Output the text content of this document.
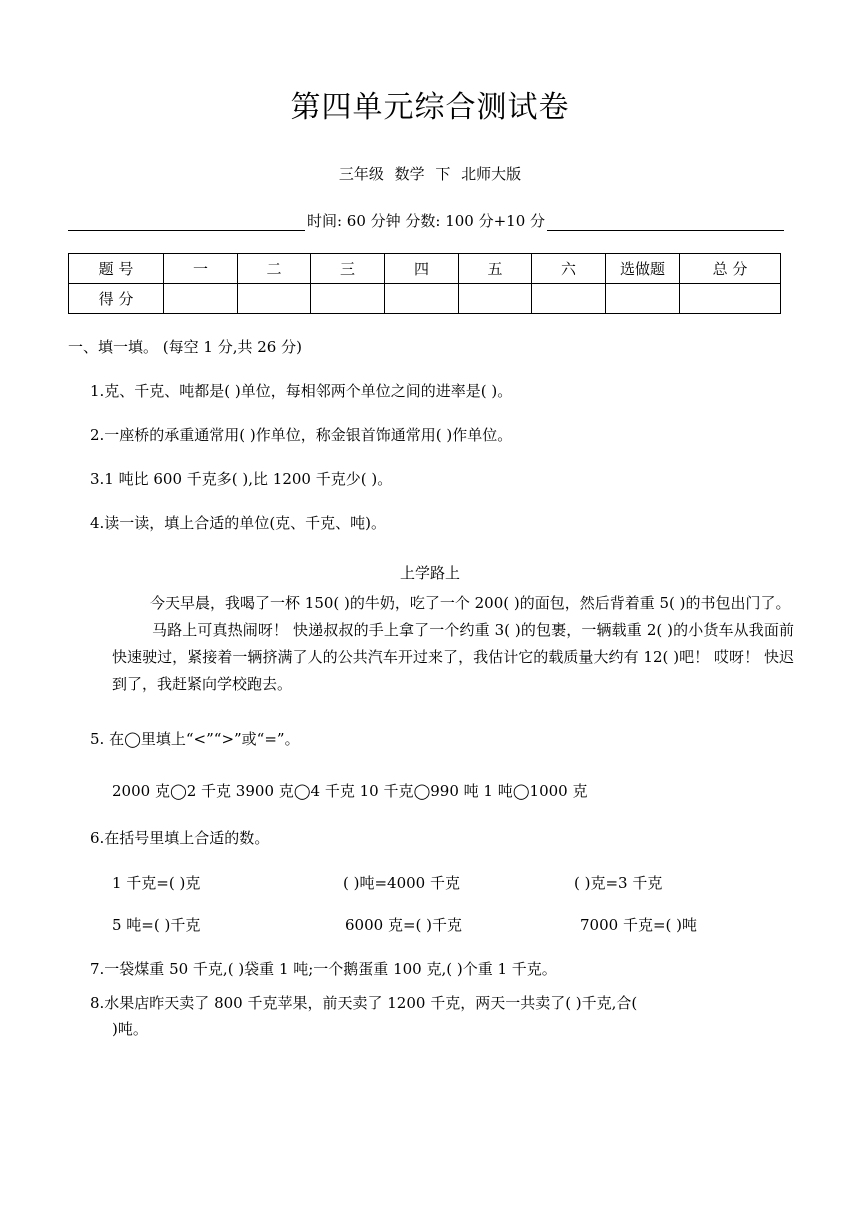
第四单元综合测试卷
三年级 数学 下 北师大版
时间: 60 分钟 分数: 100 分+10 分
题 号	一	二	三	四	五	六	选做题	总 分
得 分								
一、填一填。 (每空 1 分,共 26 分)
1.克、千克、吨都是( )单位，每相邻两个单位之间的进率是( )。
2.一座桥的承重通常用( )作单位，称金银首饰通常用( )作单位。
3.1 吨比 600 千克多( ),比 1200 千克少( )。
4.读一读，填上合适的单位(克、千克、吨)。
上学路上

今天早晨，我喝了一杯 150( )的牛奶，吃了一个 200( )的面包，然后背着重 5( )的书包出门了。

马路上可真热闹呀！ 快递叔叔的手上拿了一个约重 3( )的包裹，一辆载重 2( )的小货车从我面前快速驶过，紧接着一辆挤满了人的公共汽车开过来了，我估计它的载质量大约有 12( )吧！ 哎呀！ 快迟到了，我赶紧向学校跑去。

5. 在◯里填上“<”“>”或“=”。
2000 克◯2 千克 3900 克◯4 千克 10 千克◯990 吨 1 吨◯1000 克
6.在括号里填上合适的数。
1 千克=( )克	( )吨=4000 千克	( )克=3 千克
5 吨=( )千克	6000 克=( )千克	7000 千克=( )吨
7.一袋煤重 50 千克,( )袋重 1 吨;一个鹅蛋重 100 克,( )个重 1 千克。
8.水果店昨天卖了 800 千克苹果，前天卖了 1200 千克，两天一共卖了( )千克,合(
)吨。
